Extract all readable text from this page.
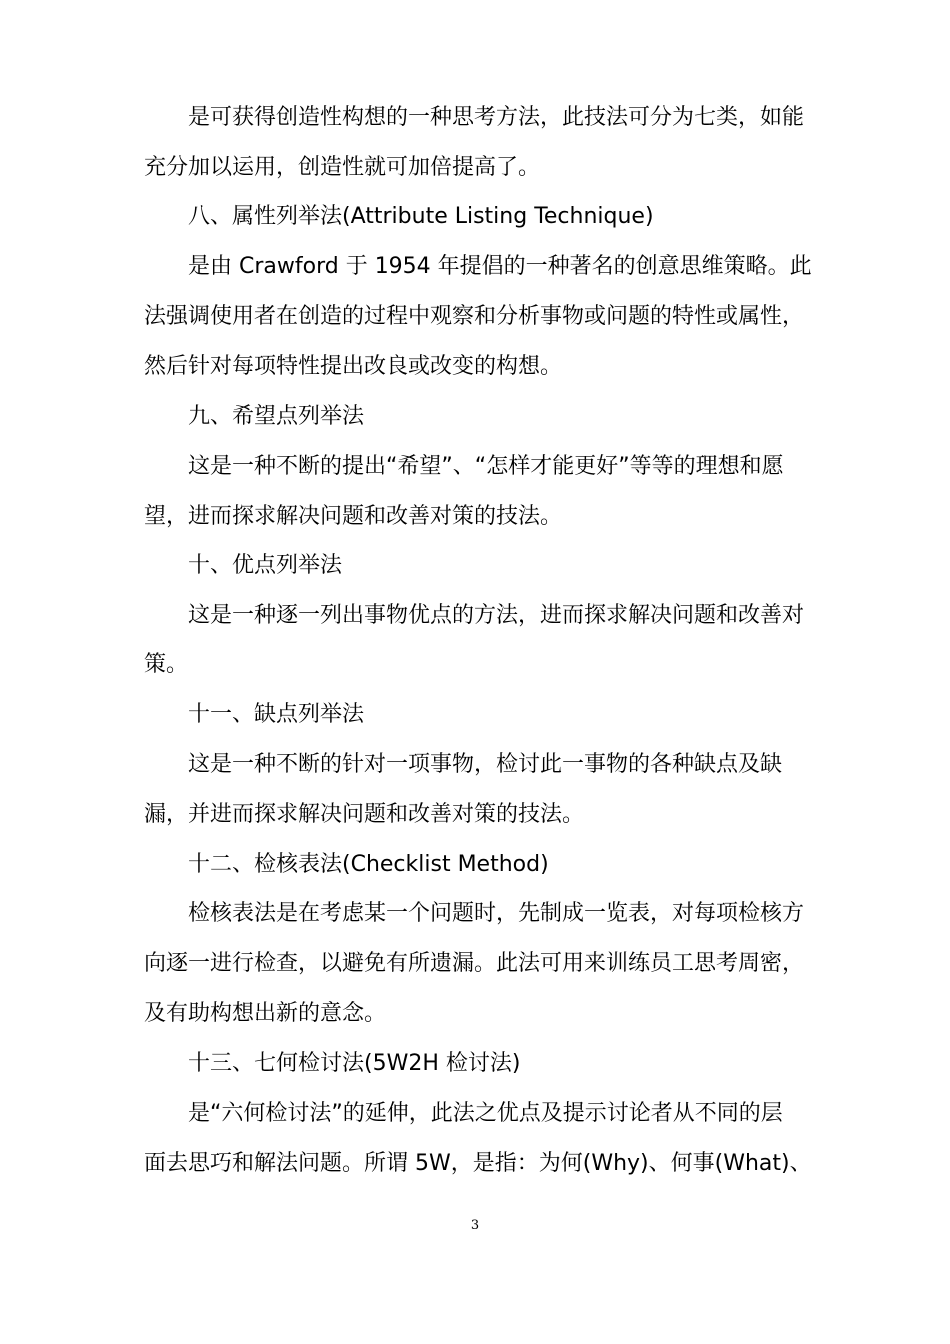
是可获得创造性构想的一种思考方法，此技法可分为七类，如能
充分加以运用，创造性就可加倍提高了。
八、属性列举法(Attribute Listing Technique)
是由 Crawford 于 1954 年提倡的一种著名的创意思维策略。此
法强调使用者在创造的过程中观察和分析事物或问题的特性或属性，
然后针对每项特性提出改良或改变的构想。
九、希望点列举法
这是一种不断的提出“希望”、“怎样才能更好”等等的理想和愿
望，进而探求解决问题和改善对策的技法。
十、优点列举法
这是一种逐一列出事物优点的方法，进而探求解决问题和改善对
策。
十一、缺点列举法
这是一种不断的针对一项事物，检讨此一事物的各种缺点及缺
漏，并进而探求解决问题和改善对策的技法。
十二、检核表法(Checklist Method)
检核表法是在考虑某一个问题时，先制成一览表，对每项检核方
向逐一进行检查，以避免有所遗漏。此法可用来训练员工思考周密，
及有助构想出新的意念。
十三、七何检讨法(5W2H 检讨法)
是“六何检讨法”的延伸，此法之优点及提示讨论者从不同的层
面去思巧和解法问题。所谓 5W，是指：为何(Why)、何事(What)、
3
